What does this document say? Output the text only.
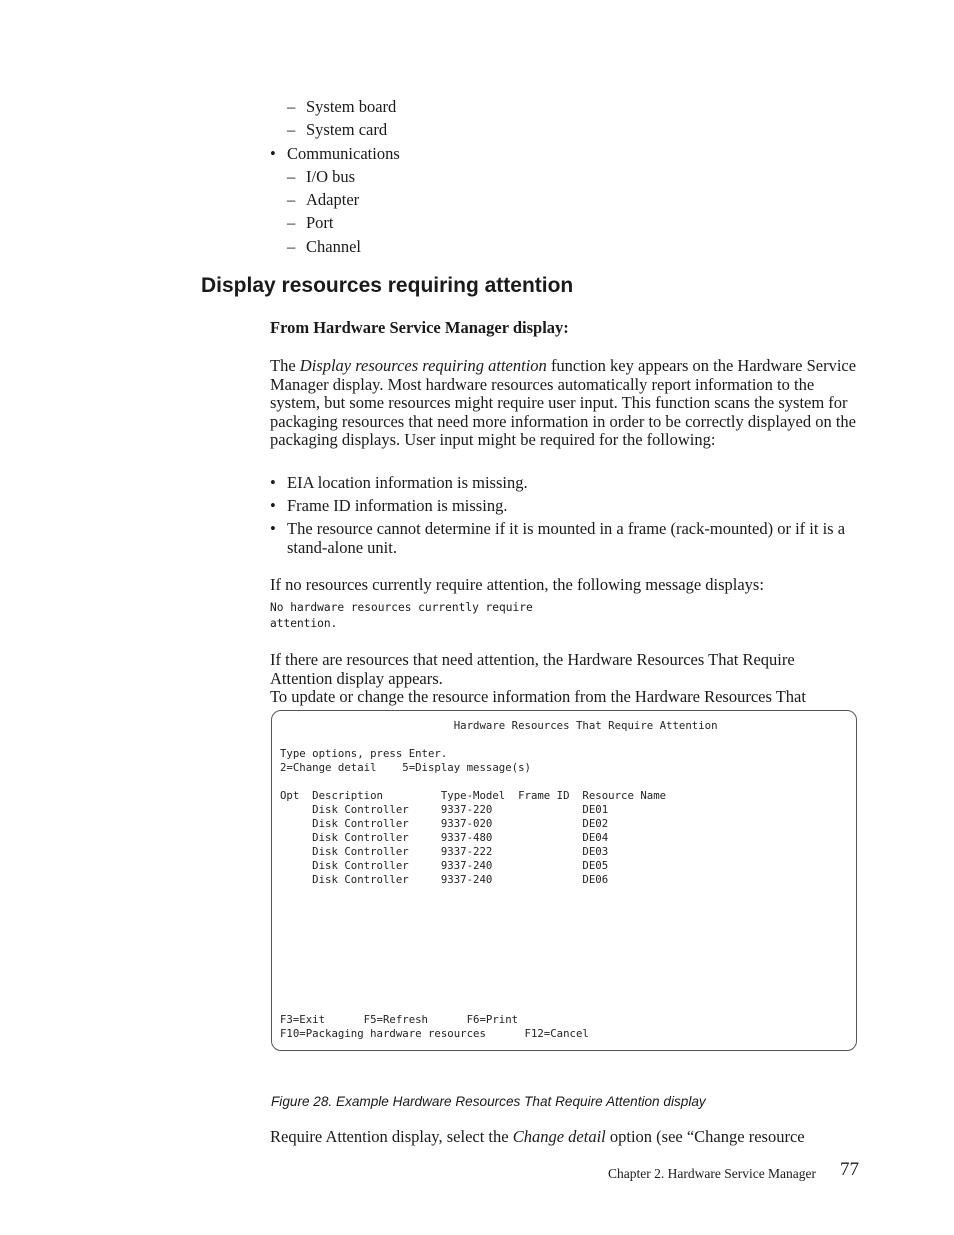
– System board
– System card
• Communications
– I/O bus
– Adapter
– Port
– Channel
Display resources requiring attention
From Hardware Service Manager display:

The Display resources requiring attention function key appears on the Hardware Service Manager display. Most hardware resources automatically report information to the system, but some resources might require user input. This function scans the system for packaging resources that need more information in order to be correctly displayed on the packaging displays. User input might be required for the following:

• EIA location information is missing.
• Frame ID information is missing.
• The resource cannot determine if it is mounted in a frame (rack-mounted) or if it is a stand-alone unit.

If no resources currently require attention, the following message displays:

No hardware resources currently require
attention.

If there are resources that need attention, the Hardware Resources That Require Attention display appears.

To update or change the resource information from the Hardware Resources That

Hardware Resources That Require Attention

Type options, press Enter.
2=Change detail    5=Display message(s)

Opt  Description         Type-Model  Frame ID  Resource Name
Disk Controller     9337-220              DE01
Disk Controller     9337-020              DE02
Disk Controller     9337-480              DE04
Disk Controller     9337-222              DE03
Disk Controller     9337-240              DE05
Disk Controller     9337-240              DE06

F3=Exit      F5=Refresh      F6=Print
F10=Packaging hardware resources      F12=Cancel
Figure 28. Example Hardware Resources That Require Attention display

Require Attention display, select the Change detail option (see “Change resource

Chapter 2. Hardware Service Manager 77
